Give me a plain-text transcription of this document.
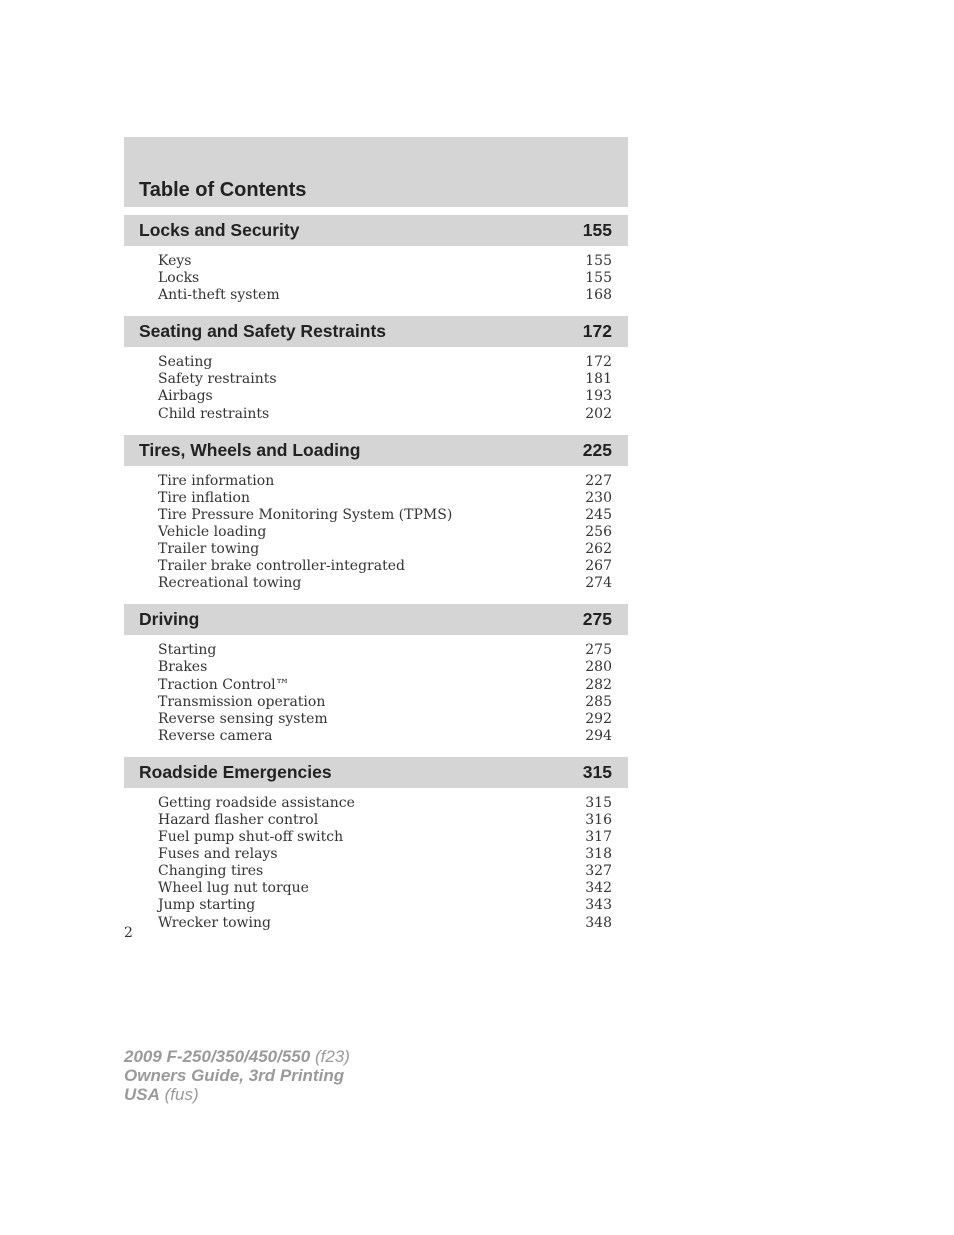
Table of Contents
Locks and Security	155
Keys	155
Locks	155
Anti-theft system	168
Seating and Safety Restraints	172
Seating	172
Safety restraints	181
Airbags	193
Child restraints	202
Tires, Wheels and Loading	225
Tire information	227
Tire inflation	230
Tire Pressure Monitoring System (TPMS)	245
Vehicle loading	256
Trailer towing	262
Trailer brake controller-integrated	267
Recreational towing	274
Driving	275
Starting	275
Brakes	280
Traction Control™	282
Transmission operation	285
Reverse sensing system	292
Reverse camera	294
Roadside Emergencies	315
Getting roadside assistance	315
Hazard flasher control	316
Fuel pump shut-off switch	317
Fuses and relays	318
Changing tires	327
Wheel lug nut torque	342
Jump starting	343
Wrecker towing	348
2
2009 F-250/350/450/550 (f23)
Owners Guide, 3rd Printing
USA (fus)
